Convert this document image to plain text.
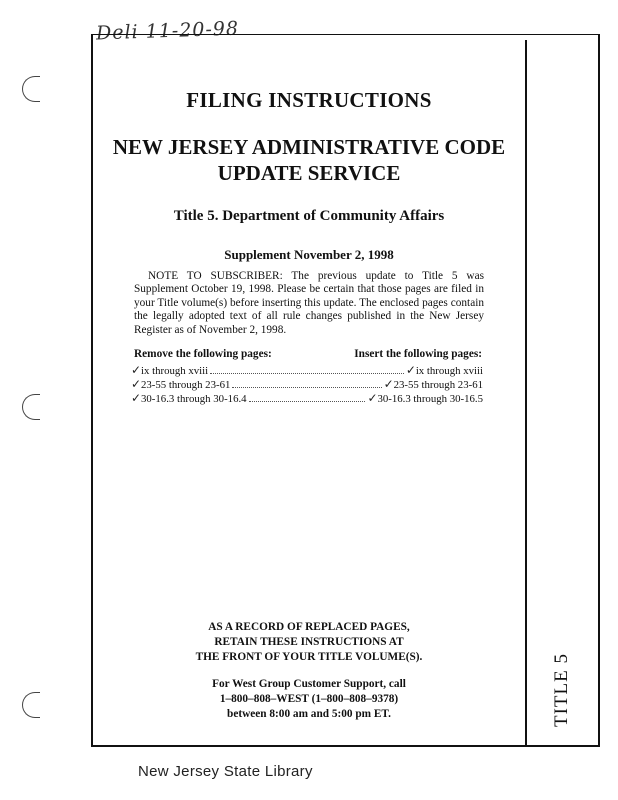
Deli 11-20-98
FILING INSTRUCTIONS
NEW JERSEY ADMINISTRATIVE CODE
UPDATE SERVICE
Title 5. Department of Community Affairs
Supplement November 2, 1998
NOTE TO SUBSCRIBER: The previous update to Title 5 was Supplement October 19, 1998. Please be certain that those pages are filed in your Title volume(s) before inserting this update. The enclosed pages contain the legally adopted text of all rule changes published in the New Jersey Register as of November 2, 1998.
Remove the following pages:	Insert the following pages:
✓ ix through xviii	✓ ix through xviii
✓ 23-55 through 23-61	✓ 23-55 through 23-61
✓ 30-16.3 through 30-16.4	✓ 30-16.3 through 30-16.5
AS A RECORD OF REPLACED PAGES,
RETAIN THESE INSTRUCTIONS AT
THE FRONT OF YOUR TITLE VOLUME(S).
For West Group Customer Support, call
1–800–808–WEST (1–800–808–9378)
between 8:00 am and 5:00 pm ET.	TITLE 5
New Jersey State Library
